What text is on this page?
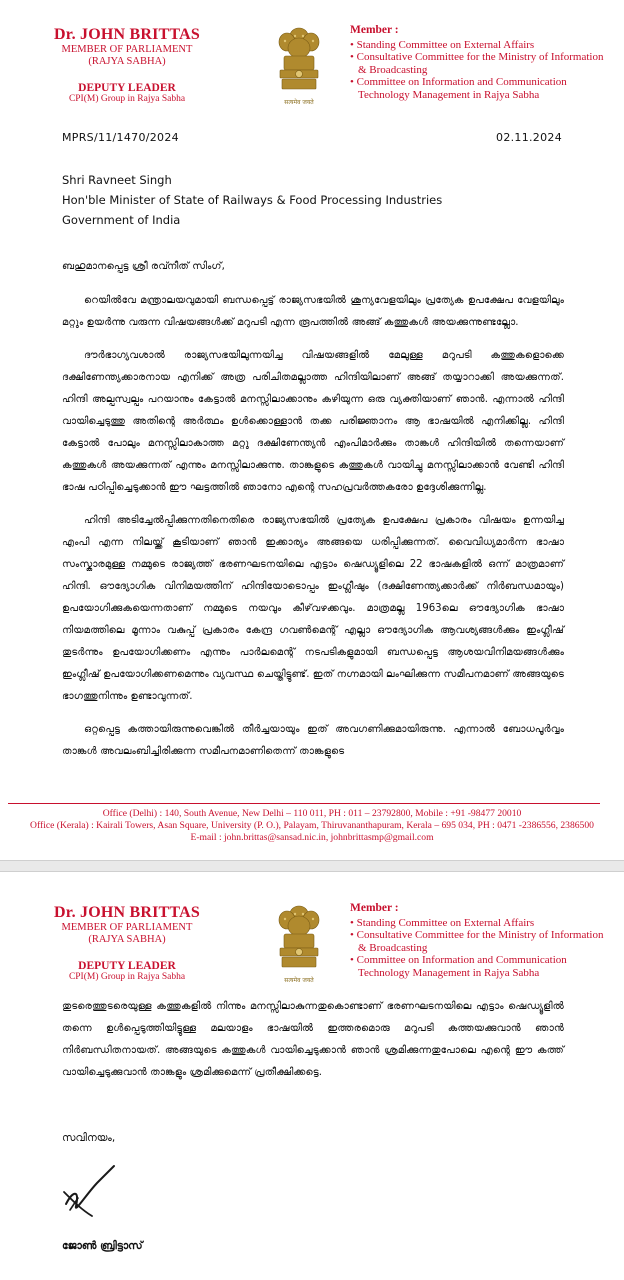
Dr. JOHN BRITTAS
MEMBER OF PARLIAMENT
(RAJYA SABHA)
DEPUTY LEADER
CPI(M) Group in Rajya Sabha	सत्यमेव जयते
Member :
• Standing Committee on External Affairs
• Consultative Committee for the Ministry of Information & Broadcasting
• Committee on Information and Communication Technology Management in Rajya Sabha
MPRS/11/1470/2024	02.11.2024
Shri Ravneet Singh
Hon'ble Minister of State of Railways & Food Processing Industries
Government of India

ബഹുമാനപ്പെട്ട ശ്രീ രവ്നീത് സിംഗ്,

റെയിൽവേ മന്ത്രാലയവുമായി ബന്ധപ്പെട്ട് രാജ്യസഭയിൽ ശൂന്യവേളയിലും പ്രത്യേക ഉപക്ഷേപ വേളയിലും മറ്റും ഉയർന്നു വരുന്ന വിഷയങ്ങൾക്ക് മറുപടി എന്ന രൂപത്തിൽ അങ്ങ് കത്തുകൾ അയക്കുന്നുണ്ടല്ലോ.

ദൗർഭാഗ്യവശാൽ രാജ്യസഭയിലുന്നയിച്ച വിഷയങ്ങളിൽ മേലുള്ള മറുപടി കത്തുകളൊക്കെ ദക്ഷിണേന്ത്യക്കാരനായ എനിക്ക് അത്ര പരിചിതമല്ലാത്ത ഹിന്ദിയിലാണ് അങ്ങ് തയ്യാറാക്കി അയക്കുന്നത്. ഹിന്ദി അല്പസ്വല്പം പറയാനും കേട്ടാൽ മനസ്സിലാക്കാനും കഴിയുന്ന ഒരു വ്യക്തിയാണ് ഞാൻ. എന്നാൽ ഹിന്ദി വായിച്ചെടുത്തു അതിന്റെ അർത്ഥം ഉൾക്കൊള്ളാൻ തക്ക പരിജ്ഞാനം ആ ഭാഷയിൽ എനിക്കില്ല. ഹിന്ദി കേട്ടാൽ പോലും മനസ്സിലാകാത്ത മറ്റു ദക്ഷിണേന്ത്യൻ എംപിമാർക്കും താങ്കൾ ഹിന്ദിയിൽ തന്നെയാണ് കത്തുകൾ അയക്കുന്നത് എന്നും മനസ്സിലാക്കുന്നു. താങ്കളുടെ കത്തുകൾ വായിച്ചു മനസ്സിലാക്കാൻ വേണ്ടി ഹിന്ദി ഭാഷ പഠിപ്പിച്ചെടുക്കാൻ ഈ ഘട്ടത്തിൽ ഞാനോ എന്റെ സഹപ്രവർത്തകരോ ഉദ്ദേശിക്കുന്നില്ല.

ഹിന്ദി അടിച്ചേൽപ്പിക്കുന്നതിനെതിരെ രാജ്യസഭയിൽ പ്രത്യേക ഉപക്ഷേപ പ്രകാരം വിഷയം ഉന്നയിച്ച എംപി എന്ന നിലയ്ക്ക് കൂടിയാണ് ഞാൻ ഇക്കാര്യം അങ്ങയെ ധരിപ്പിക്കുന്നത്. വൈവിധ്യമാർന്ന ഭാഷാ സംസ്കാരമുള്ള നമ്മുടെ രാജ്യത്ത് ഭരണഘടനയിലെ എട്ടാം ഷെഡ്യൂളിലെ 22 ഭാഷകളിൽ ഒന്ന് മാത്രമാണ് ഹിന്ദി. ഔദ്യോഗിക വിനിമയത്തിന് ഹിന്ദിയോടൊപ്പം ഇംഗ്ലീഷും (ദക്ഷിണേന്ത്യക്കാർക്ക് നിർബന്ധമായും) ഉപയോഗിക്കുകയെന്നതാണ് നമ്മുടെ നയവും കീഴ്‌വഴക്കവും. മാത്രമല്ല 1963ലെ ഔദ്യോഗിക ഭാഷാ നിയമത്തിലെ മൂന്നാം വകുപ്പ് പ്രകാരം കേന്ദ്ര ഗവൺമെന്റ് എല്ലാ ഔദ്യോഗിക ആവശ്യങ്ങൾക്കും ഇംഗ്ലീഷ് തുടർന്നും ഉപയോഗിക്കണം എന്നും പാർലമെന്റ് നടപടികളുമായി ബന്ധപ്പെട്ട ആശയവിനിമയങ്ങൾക്കും ഇംഗ്ലീഷ് ഉപയോഗിക്കണമെന്നും വ്യവസ്ഥ ചെയ്തിട്ടുണ്ട്. ഇത് നഗ്നമായി ലംഘിക്കുന്ന സമീപനമാണ് അങ്ങയുടെ ഭാഗത്തുനിന്നും ഉണ്ടാവുന്നത്.

ഒറ്റപ്പെട്ട കത്തായിരുന്നുവെങ്കിൽ തീർച്ചയായും ഇത് അവഗണിക്കുമായിരുന്നു. എന്നാൽ ബോധപൂർവ്വം താങ്കൾ അവലംബിച്ചിരിക്കുന്ന സമീപനമാണിതെന്ന് താങ്കളുടെ

Office (Delhi) : 140, South Avenue, New Delhi – 110 011, PH : 011 – 23792800, Mobile : +91 -98477 20010
Office (Kerala) : Kairali Towers, Asan Square, University (P. O.), Palayam, Thiruvananthapuram, Kerala – 695 034, PH : 0471 -2386556, 2386500
E-mail : john.brittas@sansad.nic.in, johnbrittasmp@gmail.com
Dr. JOHN BRITTAS
MEMBER OF PARLIAMENT
(RAJYA SABHA)
DEPUTY LEADER
CPI(M) Group in Rajya Sabha	सत्यमेव जयते
Member :
• Standing Committee on External Affairs
• Consultative Committee for the Ministry of Information & Broadcasting
• Committee on Information and Communication Technology Management in Rajya Sabha

തുടരെത്തുടരെയുള്ള കത്തുകളിൽ നിന്നും മനസ്സിലാകുന്നതുകൊണ്ടാണ് ഭരണഘടനയിലെ എട്ടാം ഷെഡ്യൂളിൽ തന്നെ ഉൾപ്പെടുത്തിയിട്ടുള്ള മലയാളം ഭാഷയിൽ ഇത്തരമൊരു മറുപടി കത്തയക്കുവാൻ ഞാൻ നിർബന്ധിതനായത്. അങ്ങയുടെ കത്തുകൾ വായിച്ചെടുക്കാൻ ഞാൻ ശ്രമിക്കുന്നതുപോലെ എന്റെ ഈ കത്ത് വായിച്ചെടുക്കുവാൻ താങ്കളും ശ്രമിക്കുമെന്ന് പ്രതീക്ഷിക്കട്ടെ.

സവിനയം,
ജോൺ ബ്രിട്ടാസ്
